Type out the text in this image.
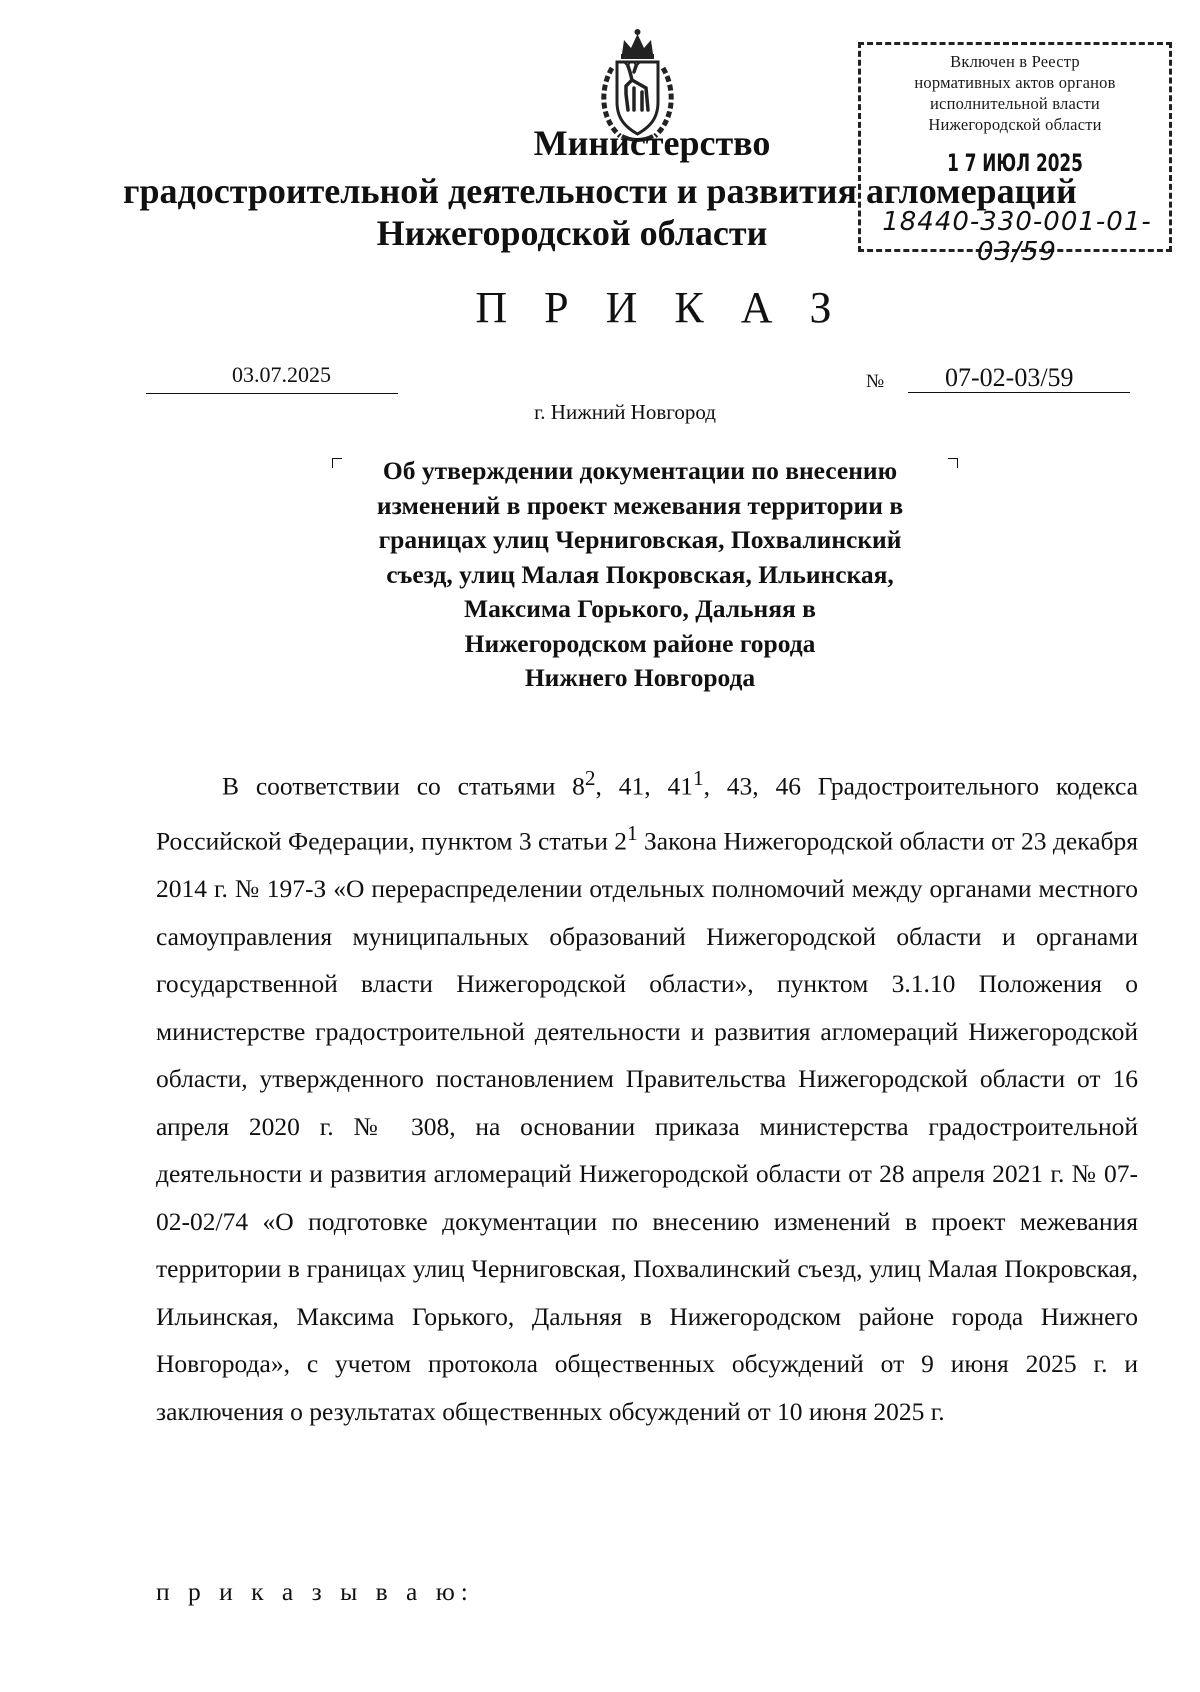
Министерство
градостроительной деятельности и развития агломераций
Нижегородской области
Включен в Реестр
нормативных актов органов
исполнительной власти
Нижегородской области
1 7 ИЮЛ 2025
18440-330-001-01-03/59
П Р И К А З
03.07.2025	№ 07-02-03/59
г. Нижний Новгород
Об утверждении документации по внесению
изменений в проект межевания территории в
границах улиц Черниговская, Похвалинский
съезд, улиц Малая Покровская, Ильинская,
Максима Горького, Дальняя в
Нижегородском районе города
Нижнего Новгорода

В соответствии со статьями $8^2$, 41, $41^1$, 43, 46 Градостроительного кодекса Российской Федерации, пунктом 3 статьи $2^1$ Закона Нижегородской области от 23 декабря 2014 г. № 197-З «О перераспределении отдельных полномочий между органами местного самоуправления муниципальных образований Нижегородской области и органами государственной власти Нижегородской области», пунктом 3.1.10 Положения о министерстве градостроительной деятельности и развития агломераций Нижегородской области, утвержденного постановлением Правительства Нижегородской области от 16 апреля 2020 г. № 308, на основании приказа министерства градостроительной деятельности и развития агломераций Нижегородской области от 28 апреля 2021 г. № 07-02-02/74 «О подготовке документации по внесению изменений в проект межевания территории в границах улиц Черниговская, Похвалинский съезд, улиц Малая Покровская, Ильинская, Максима Горького, Дальняя в Нижегородском районе города Нижнего Новгорода», с учетом протокола общественных обсуждений от 9 июня 2025 г. и заключения о результатах общественных обсуждений от 10 июня 2025 г.

п р и к а з ы в а ю:
